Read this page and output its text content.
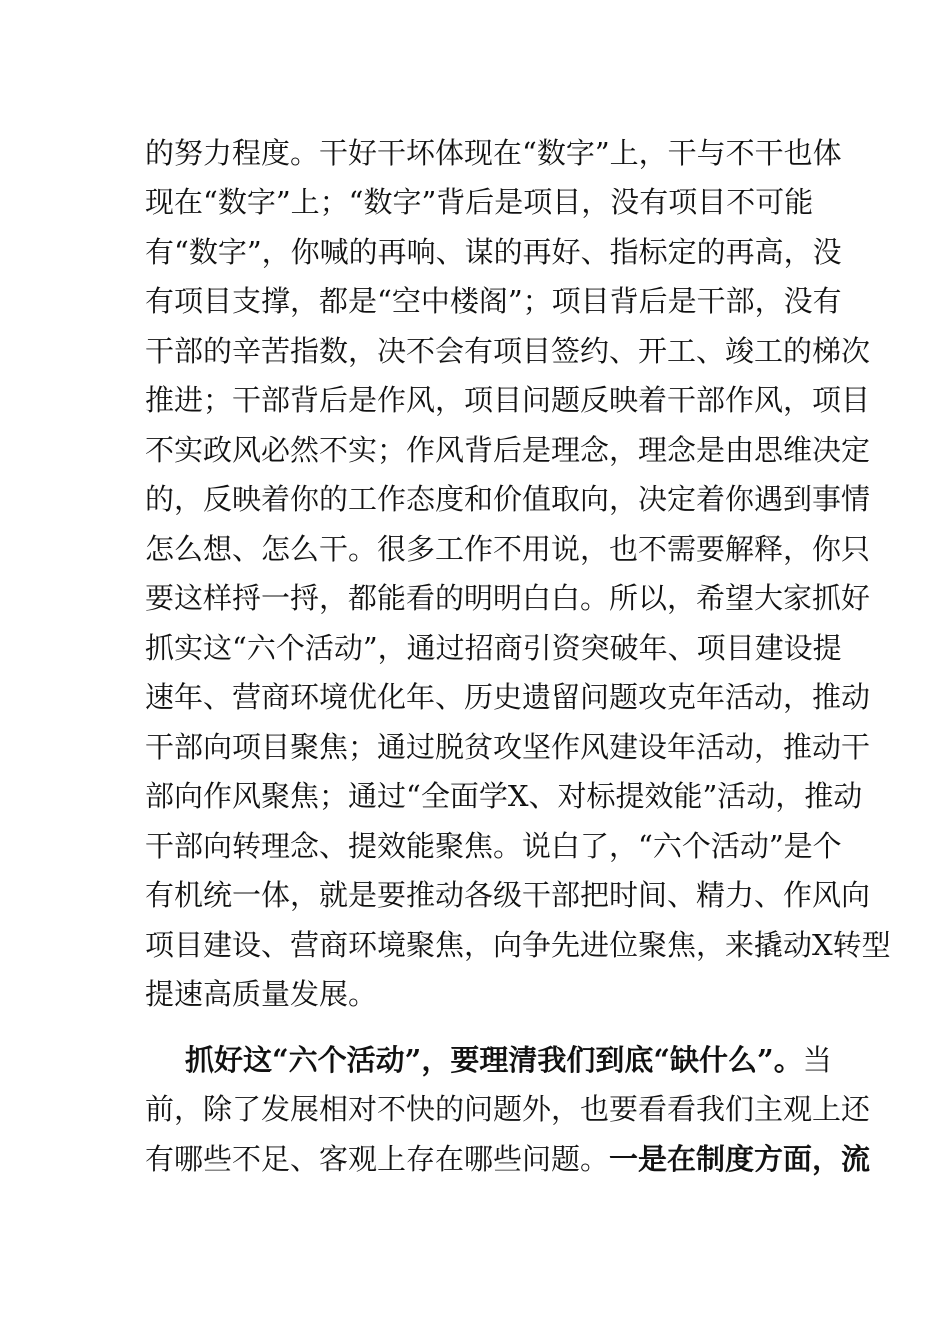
的努力程度。干好干坏体现在“数字”上，干与不干也体
现在“数字”上；“数字”背后是项目，没有项目不可能
有“数字”，你喊的再响、谋的再好、指标定的再高，没
有项目支撑，都是“空中楼阁”；项目背后是干部，没有
干部的辛苦指数，决不会有项目签约、开工、竣工的梯次
推进；干部背后是作风，项目问题反映着干部作风，项目
不实政风必然不实；作风背后是理念，理念是由思维决定
的，反映着你的工作态度和价值取向，决定着你遇到事情
怎么想、怎么干。很多工作不用说，也不需要解释，你只
要这样捋一捋，都能看的明明白白。所以，希望大家抓好
抓实这“六个活动”，通过招商引资突破年、项目建设提
速年、营商环境优化年、历史遗留问题攻克年活动，推动
干部向项目聚焦；通过脱贫攻坚作风建设年活动，推动干
部向作风聚焦；通过“全面学X、对标提效能”活动，推动
干部向转理念、提效能聚焦。说白了，“六个活动”是个
有机统一体，就是要推动各级干部把时间、精力、作风向
项目建设、营商环境聚焦，向争先进位聚焦，来撬动X转型
提速高质量发展。
抓好这“六个活动”，要理清我们到底“缺什么”。当
前，除了发展相对不快的问题外，也要看看我们主观上还
有哪些不足、客观上存在哪些问题。一是在制度方面，流
